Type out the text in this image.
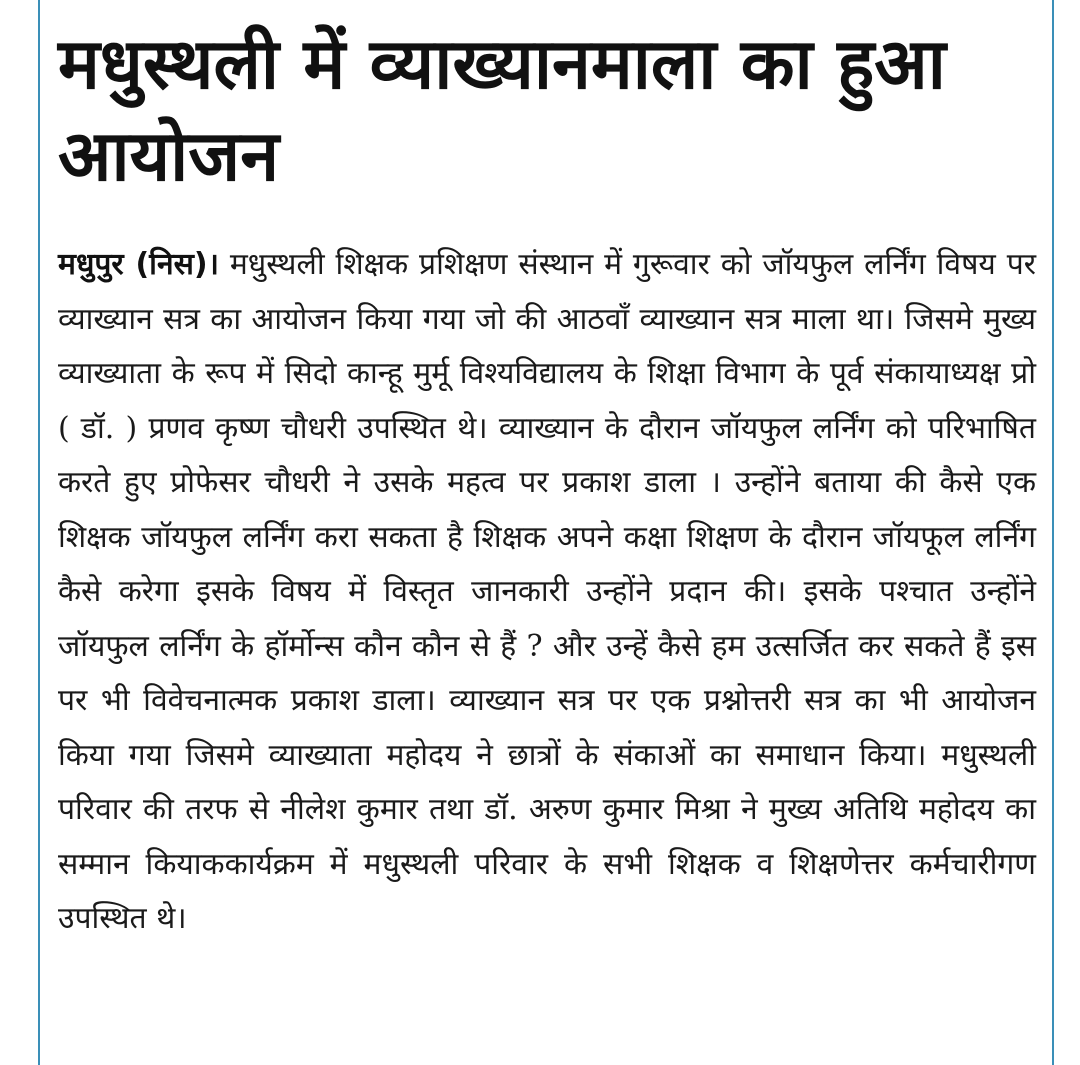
मधुस्थली में व्याख्यानमाला का हुआ आयोजन

मधुपुर (निस)। मधुस्थली शिक्षक प्रशिक्षण संस्थान में गुरूवार को जॉयफुल लर्निंग विषय पर व्याख्यान सत्र का आयोजन किया गया जो की आठवाँ व्याख्यान सत्र माला था। जिसमे मुख्य व्याख्याता के रूप में सिदो कान्हू मुर्मू विश्यविद्यालय के शिक्षा विभाग के पूर्व संकायाध्यक्ष प्रो ( डॉ. ) प्रणव कृष्ण चौधरी उपस्थित थे। व्याख्यान के दौरान जॉयफुल लर्निंग को परिभाषित करते हुए प्रोफेसर चौधरी ने उसके महत्व पर प्रकाश डाला । उन्होंने बताया की कैसे एक शिक्षक जॉयफुल लर्निंग करा सकता है शिक्षक अपने कक्षा शिक्षण के दौरान जॉयफूल लर्निंग कैसे करेगा इसके विषय में विस्तृत जानकारी उन्होंने प्रदान की। इसके पश्चात उन्होंने जॉयफुल लर्निंग के हॉर्मोन्स कौन कौन से हैं ? और उन्हें कैसे हम उत्सर्जित कर सकते हैं इस पर भी विवेचनात्मक प्रकाश डाला। व्याख्यान सत्र पर एक प्रश्नोत्तरी सत्र का भी आयोजन किया गया जिसमे व्याख्याता महोदय ने छात्रों के संकाओं का समाधान किया। मधुस्थली परिवार की तरफ से नीलेश कुमार तथा डॉ. अरुण कुमार मिश्रा ने मुख्य अतिथि महोदय का सम्मान कियाककार्यक्रम में मधुस्थली परिवार के सभी शिक्षक व शिक्षणेत्तर कर्मचारीगण उपस्थित थे।
